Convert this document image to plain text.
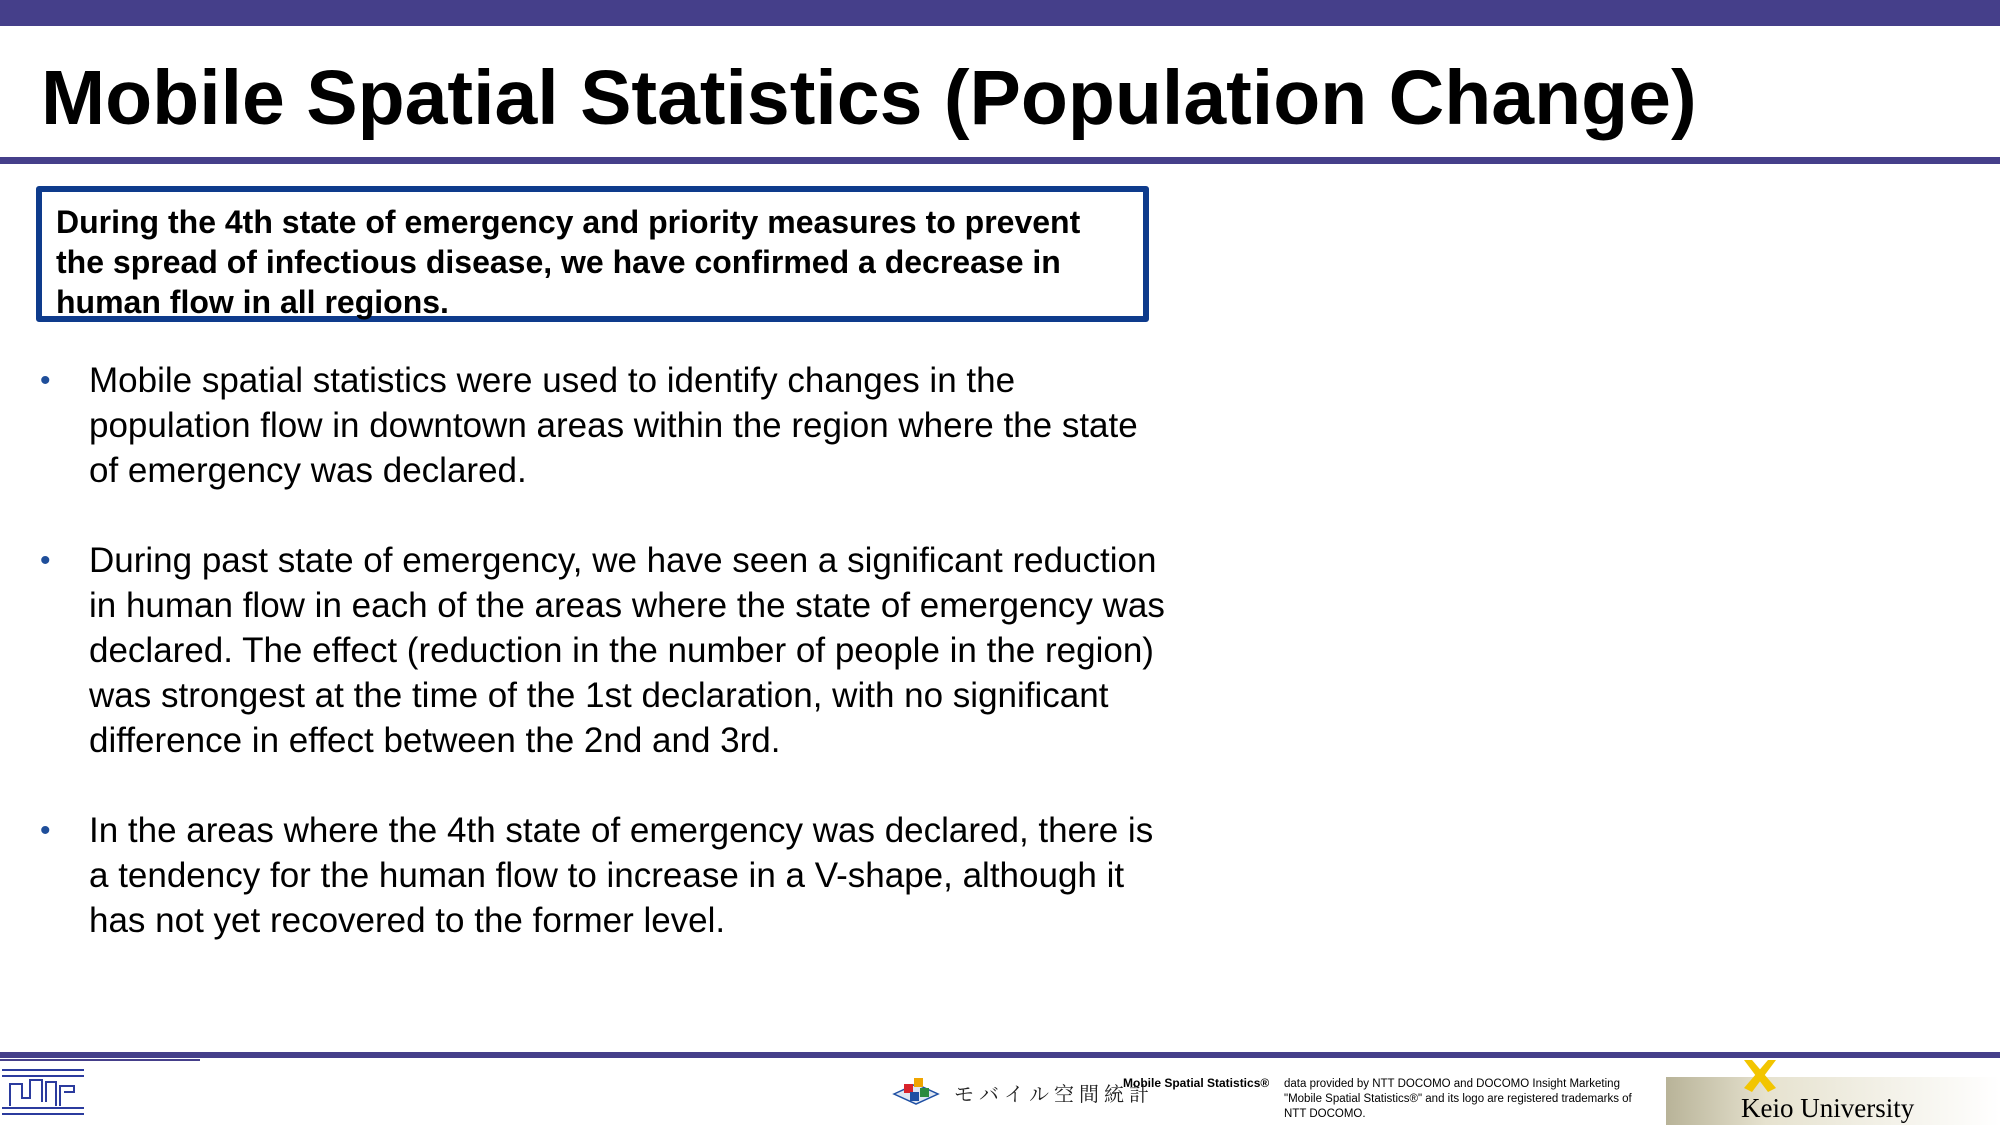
Mobile Spatial Statistics (Population Change)

During the 4th state of emergency and priority measures to prevent the spread of infectious disease, we have confirmed a decrease in human flow in all regions.

•	Mobile spatial statistics were used to identify changes in the population flow in downtown areas within the region where the state of emergency was declared.
•	During past state of emergency, we have seen a significant reduction in human flow in each of the areas where the state of emergency was declared. The effect (reduction in the number of people in the region) was strongest at the time of the 1st declaration, with no significant difference in effect between the 2nd and 3rd.
•	In the areas where the 4th state of emergency was declared, there is a tendency for the human flow to increase in a V-shape, although it has not yet recovered to the former level.
モバイル空間統計
Mobile Spatial Statistics® data provided by NTT DOCOMO and DOCOMO Insight Marketing "Mobile Spatial Statistics®" and its logo are registered trademarks of NTT DOCOMO.	Keio University
